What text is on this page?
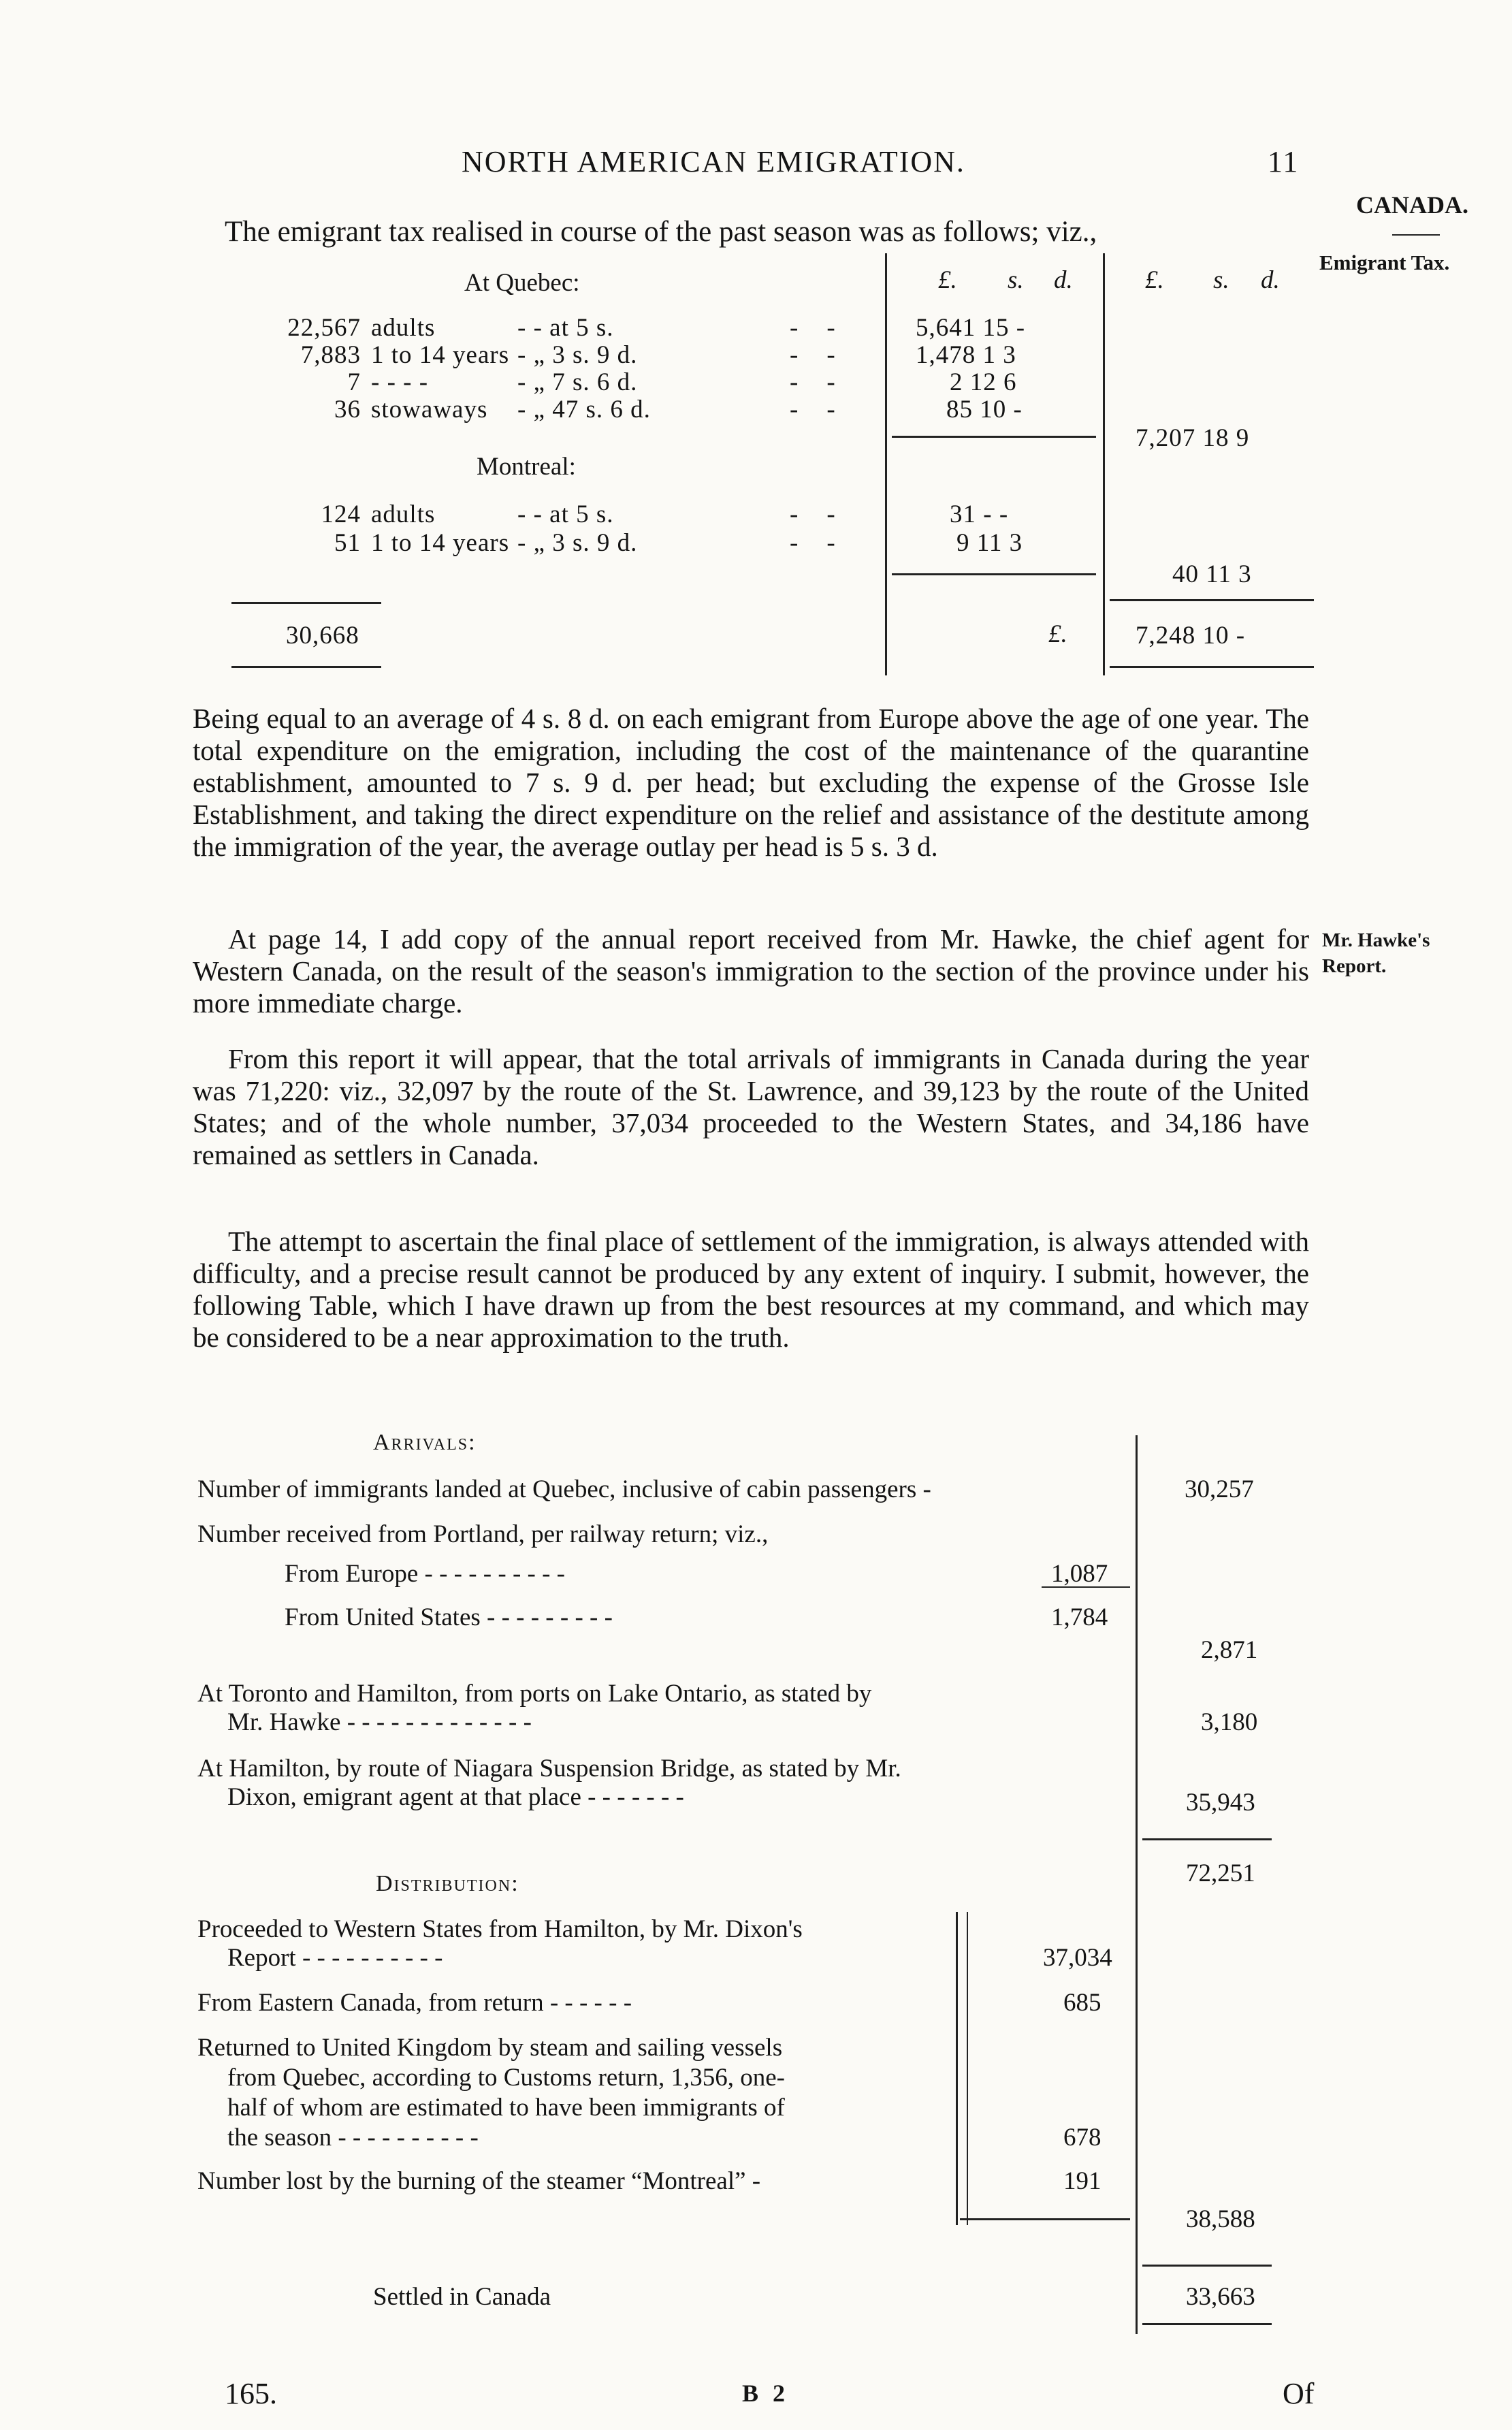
NORTH AMERICAN EMIGRATION.	11
CANADA.
Emigrant Tax.
The emigrant tax realised in course of the past season was as follows; viz.,
At Quebec:	£. s. d.	£. s. d.
22,567 adults	- - at 5 s.	-    -	5,641 15 -
7,883 1 to 14 years - „ 3 s. 9 d.	-    -	1,478 1 3
7 - - - -	- „ 7 s. 6 d.	-    -	2 12 6
36 stowaways - „ 47 s. 6 d.	-    -	85 10 -
7,207 18 9
Montreal:
124 adults	- - at 5 s.	-    -	31 - -
51 1 to 14 years - „ 3 s. 9 d.	-    -	9 11 3
40 11 3
30,668	£.	7,248 10 -

Being equal to an average of 4 s. 8 d. on each emigrant from Europe above the age of one year. The total expenditure on the emigration, including the cost of the maintenance of the quarantine establishment, amounted to 7 s. 9 d. per head; but excluding the expense of the Grosse Isle Establishment, and taking the direct expenditure on the relief and assistance of the destitute among the immigration of the year, the average outlay per head is 5 s. 3 d.

At page 14, I add copy of the annual report received from Mr. Hawke, the chief agent for Western Canada, on the result of the season's immigration to the section of the province under his more immediate charge.

Mr. Hawke's Report.

From this report it will appear, that the total arrivals of immigrants in Canada during the year was 71,220: viz., 32,097 by the route of the St. Lawrence, and 39,123 by the route of the United States; and of the whole number, 37,034 proceeded to the Western States, and 34,186 have remained as settlers in Canada.

The attempt to ascertain the final place of settlement of the immigration, is always attended with difficulty, and a precise result cannot be produced by any extent of inquiry. I submit, however, the following Table, which I have drawn up from the best resources at my command, and which may be considered to be a near approximation to the truth.

Arrivals:
Number of immigrants landed at Quebec, inclusive of cabin passengers -	30,257
Number received from Portland, per railway return; viz.,
From Europe - - - - - - - - - -	1,087
From United States - - - - - - - - -	1,784
2,871
At Toronto and Hamilton, from ports on Lake Ontario, as stated by
Mr. Hawke - - - - - - - - - - - - -	3,180
At Hamilton, by route of Niagara Suspension Bridge, as stated by Mr.
Dixon, emigrant agent at that place - - - - - - -	35,943
72,251
Distribution:
Proceeded to Western States from Hamilton, by Mr. Dixon's
Report - - - - - - - - - -	37,034
From Eastern Canada, from return - - - - - -	685
Returned to United Kingdom by steam and sailing vessels
from Quebec, according to Customs return, 1,356, one-
half of whom are estimated to have been immigrants of
the season - - - - - - - - - -	678
Number lost by the burning of the steamer “Montreal” -	191
38,588
Settled in Canada	33,663
165.	B 2	Of
